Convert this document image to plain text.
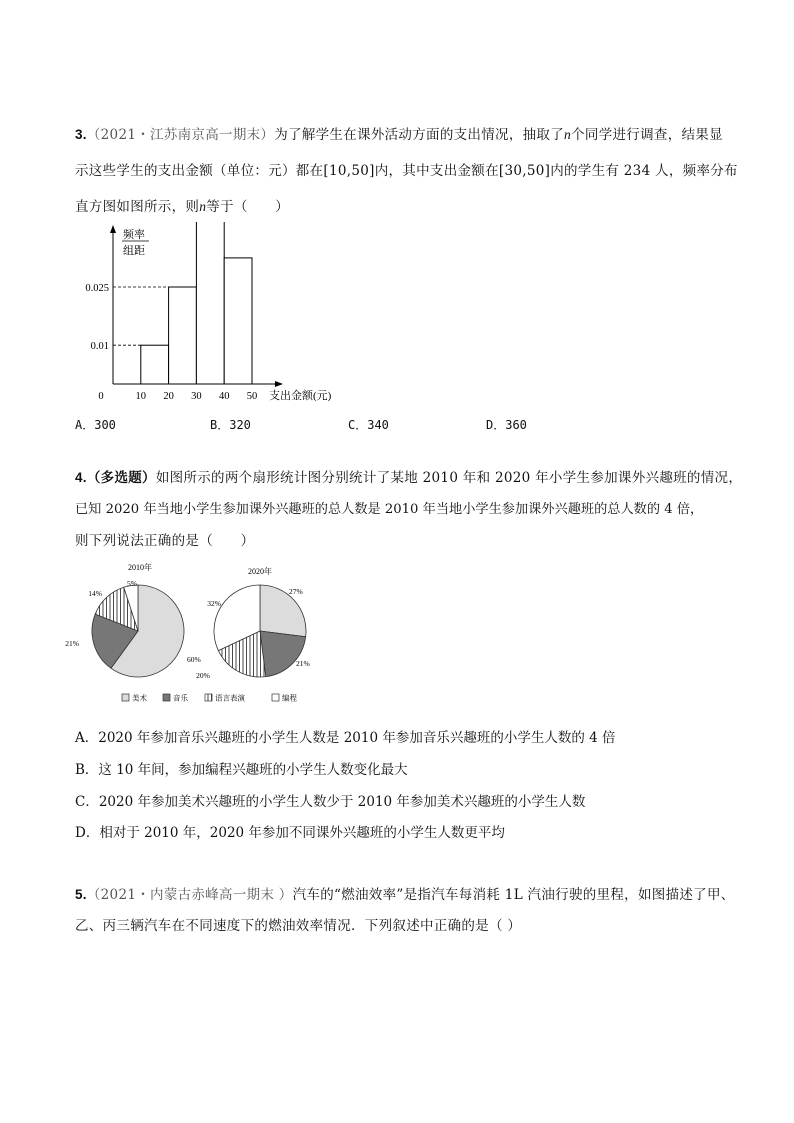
3.（2021・江苏南京高一期末）为了解学生在课外活动方面的支出情况，抽取了n个同学进行调查，结果显
示这些学生的支出金额（单位：元）都在[10,50]内，其中支出金额在[30,50]内的学生有 234 人，频率分布
直方图如图所示，则n等于（　　）
频率
组距
0.025
0.01
0	10 20 30 40 50 支出金额(元)
A．300	B．320	C．340	D．360
4.（多选题）如图所示的两个扇形统计图分别统计了某地 2010 年和 2020 年小学生参加课外兴趣班的情况，
已知 2020 年当地小学生参加课外兴趣班的总人数是 2010 年当地小学生参加课外兴趣班的总人数的 4 倍，
则下列说法正确的是（　　）
2010年
60%
21%
14%
5%
2020年
27%
21%
20%
32%
美术	音乐	语言表演	编程
A．2020 年参加音乐兴趣班的小学生人数是 2010 年参加音乐兴趣班的小学生人数的 4 倍
B．这 10 年间，参加编程兴趣班的小学生人数变化最大
C．2020 年参加美术兴趣班的小学生人数少于 2010 年参加美术兴趣班的小学生人数
D．相对于 2010 年，2020 年参加不同课外兴趣班的小学生人数更平均
5.（2021・内蒙古赤峰高一期末 ）汽车的“燃油效率”是指汽车每消耗 1L 汽油行驶的里程，如图描述了甲、
乙、丙三辆汽车在不同速度下的燃油效率情况．下列叙述中正确的是（ ）
